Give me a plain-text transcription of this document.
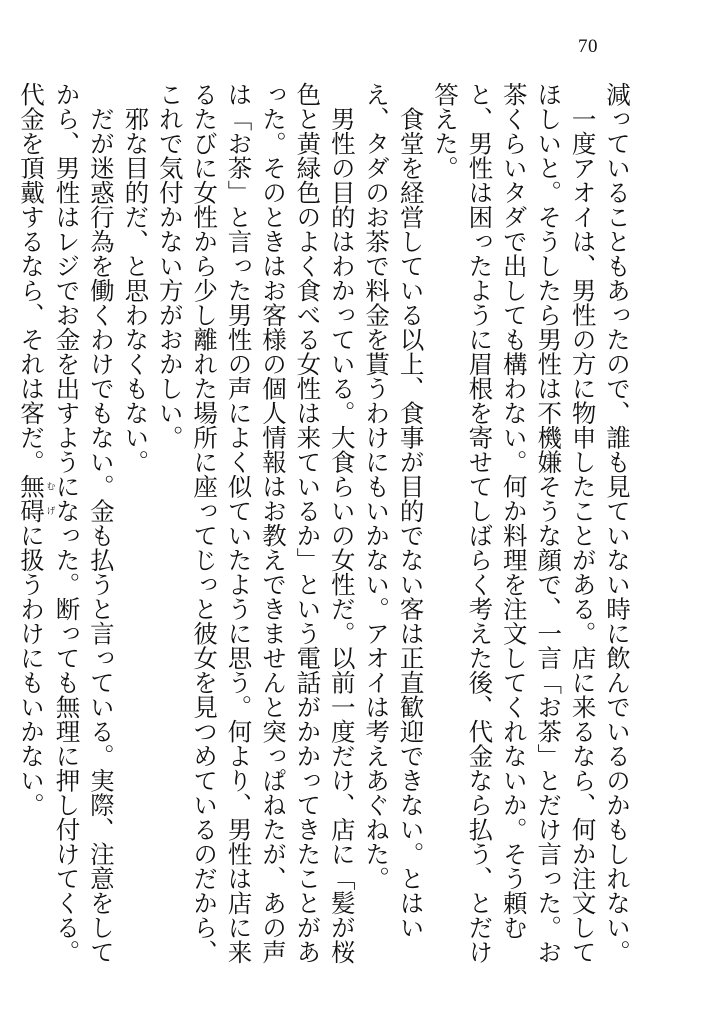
70

減っていることもあったので、誰も見ていない時に飲んでいるのかもしれない。

　一度アオイは、男性の方に物申したことがある。店に来るなら、何か注文してほしいと。そうしたら男性は不機嫌そうな顔で、一言「お茶」とだけ言った。お茶くらいタダで出しても構わない。何か料理を注文してくれないか。そう頼むと、男性は困ったように眉根を寄せてしばらく考えた後、代金なら払う、とだけ答えた。

　食堂を経営している以上、食事が目的でない客は正直歓迎できない。とはいえ、タダのお茶で料金を貰うわけにもいかない。アオイは考えあぐねた。

　男性の目的はわかっている。大食らいの女性だ。以前一度だけ、店に「髪が桜色と黄緑色のよく食べる女性は来ているか」という電話がかかってきたことがあった。そのときはお客様の個人情報はお教えできませんと突っぱねたが、あの声は「お茶」と言った男性の声によく似ていたように思う。何より、男性は店に来るたびに女性から少し離れた場所に座ってじっと彼女を見つめているのだから、これで気付かない方がおかしい。

　邪な目的だ、と思わなくもない。

　だが迷惑行為を働くわけでもない。金も払うと言っている。実際、注意をしてから、男性はレジでお金を出すようになった。断っても無理に押し付けてくる。代金を頂戴するなら、それは客だ。無碍むげに扱うわけにもいかない。
